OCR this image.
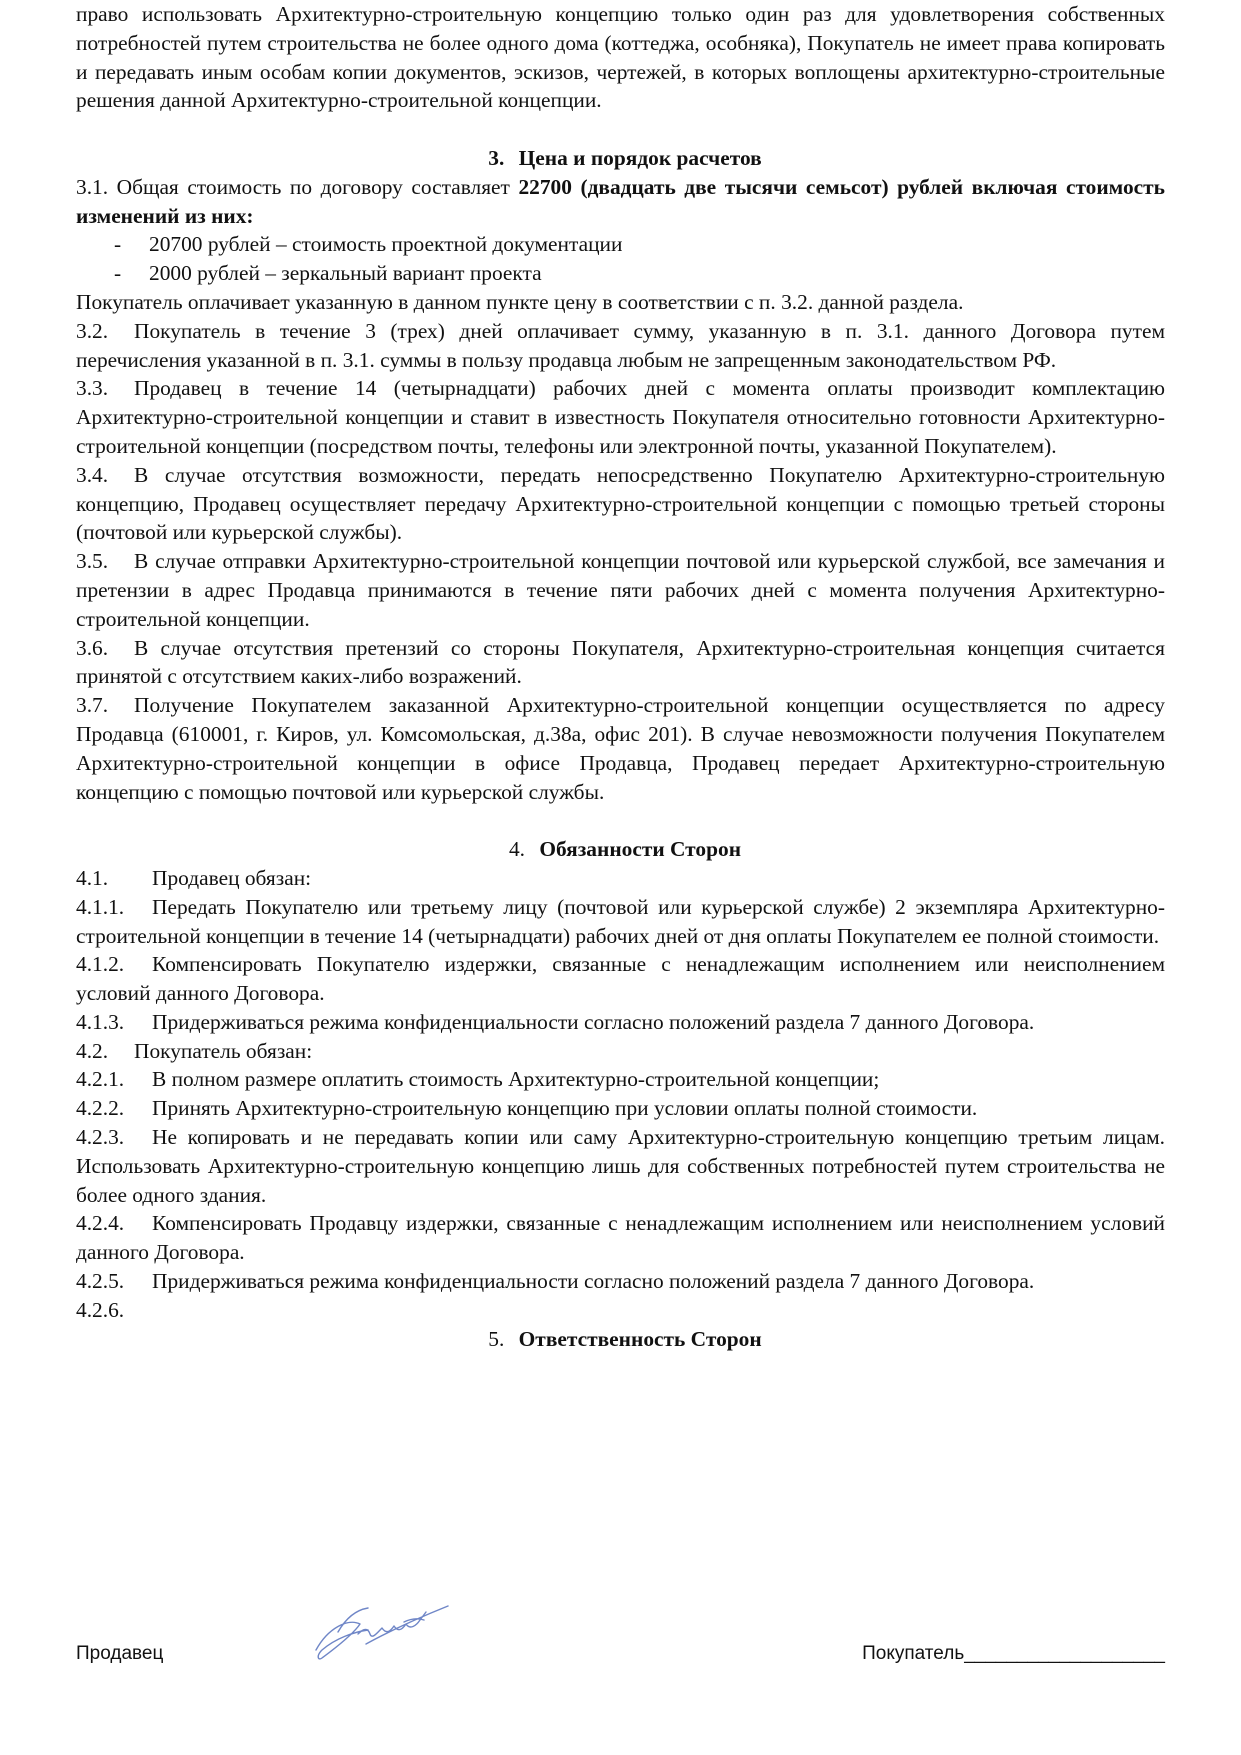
право использовать Архитектурно-строительную концепцию только один раз для удовлетворения собственных потребностей путем строительства не более одного дома (коттеджа, особняка), Покупатель не имеет права копировать и передавать иным особам копии документов, эскизов, чертежей, в которых воплощены архитектурно-строительные решения данной Архитектурно-строительной концепции.

3. Цена и порядок расчетов

3.1. Общая стоимость по договору составляет 22700 (двадцать две тысячи семьсот) рублей включая стоимость изменений из них:

- 20700 рублей – стоимость проектной документации
- 2000 рублей – зеркальный вариант проекта

Покупатель оплачивает указанную в данном пункте цену в соответствии с п. 3.2. данной раздела.

3.2. Покупатель в течение 3 (трех) дней оплачивает сумму, указанную в п. 3.1. данного Договора путем перечисления указанной в п. 3.1. суммы в пользу продавца любым не запрещенным законодательством РФ.

3.3. Продавец в течение 14 (четырнадцати) рабочих дней с момента оплаты производит комплектацию Архитектурно-строительной концепции и ставит в известность Покупателя относительно готовности Архитектурно-строительной концепции (посредством почты, телефоны или электронной почты, указанной Покупателем).

3.4. В случае отсутствия возможности, передать непосредственно Покупателю Архитектурно-строительную концепцию, Продавец осуществляет передачу Архитектурно-строительной концепции с помощью третьей стороны (почтовой или курьерской службы).

3.5. В случае отправки Архитектурно-строительной концепции почтовой или курьерской службой, все замечания и претензии в адрес Продавца принимаются в течение пяти рабочих дней с момента получения Архитектурно-строительной концепции.

3.6. В случае отсутствия претензий со стороны Покупателя, Архитектурно-строительная концепция считается принятой с отсутствием каких-либо возражений.

3.7. Получение Покупателем заказанной Архитектурно-строительной концепции осуществляется по адресу Продавца (610001, г. Киров, ул. Комсомольская, д.38а, офис 201). В случае невозможности получения Покупателем Архитектурно-строительной концепции в офисе Продавца, Продавец передает Архитектурно-строительную концепцию с помощью почтовой или курьерской службы.

4. Обязанности Сторон

4.1. Продавец обязан:

4.1.1. Передать Покупателю или третьему лицу (почтовой или курьерской службе) 2 экземпляра Архитектурно-строительной концепции в течение 14 (четырнадцати) рабочих дней от дня оплаты Покупателем ее полной стоимости.

4.1.2. Компенсировать Покупателю издержки, связанные с ненадлежащим исполнением или неисполнением условий данного Договора.

4.1.3. Придерживаться режима конфиденциальности согласно положений раздела 7 данного Договора.

4.2. Покупатель обязан:

4.2.1. В полном размере оплатить стоимость Архитектурно-строительной концепции;

4.2.2. Принять Архитектурно-строительную концепцию при условии оплаты полной стоимости.

4.2.3. Не копировать и не передавать копии или саму Архитектурно-строительную концепцию третьим лицам. Использовать Архитектурно-строительную концепцию лишь для собственных потребностей путем строительства не более одного здания.

4.2.4. Компенсировать Продавцу издержки, связанные с ненадлежащим исполнением или неисполнением условий данного Договора.

4.2.5. Придерживаться режима конфиденциальности согласно положений раздела 7 данного Договора.

4.2.6.

5. Ответственность Сторон

Продавец	Покупатель___________________
